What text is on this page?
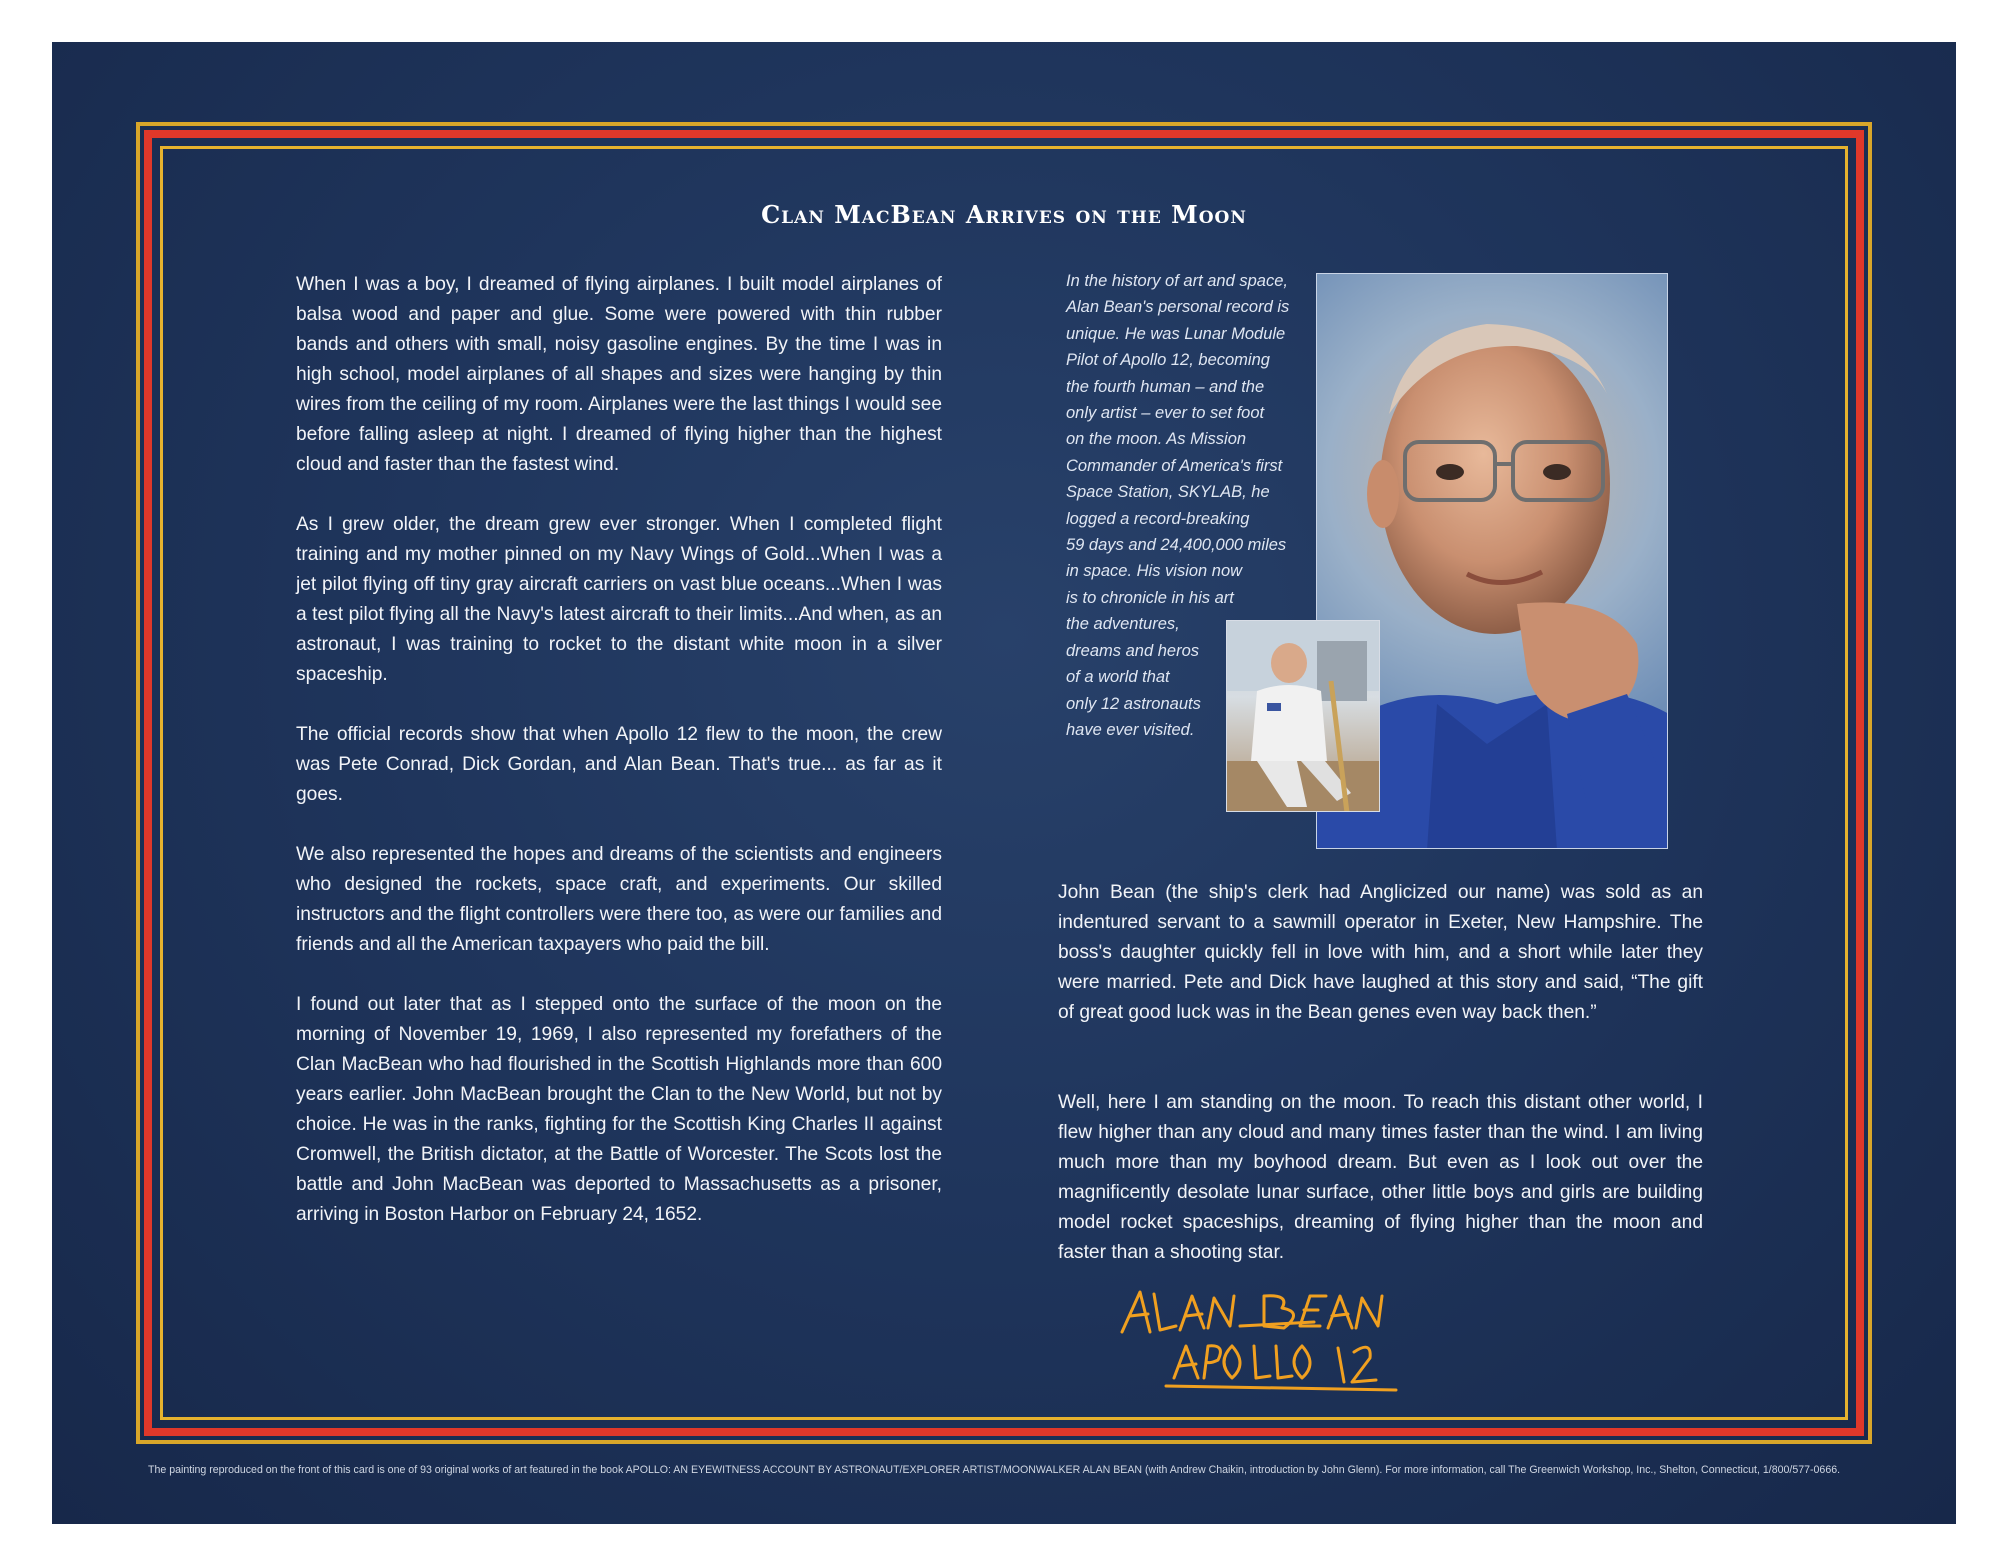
Clan MacBean Arrives on the Moon

When I was a boy, I dreamed of flying airplanes. I built model airplanes of balsa wood and paper and glue. Some were powered with thin rubber bands and others with small, noisy gasoline engines. By the time I was in high school, model airplanes of all shapes and sizes were hanging by thin wires from the ceiling of my room. Airplanes were the last things I would see before falling asleep at night. I dreamed of flying higher than the highest cloud and faster than the fastest wind.

As I grew older, the dream grew ever stronger. When I completed flight training and my mother pinned on my Navy Wings of Gold...When I was a jet pilot flying off tiny gray aircraft carriers on vast blue oceans...When I was a test pilot flying all the Navy's latest aircraft to their limits...And when, as an astronaut, I was training to rocket to the distant white moon in a silver spaceship.

The official records show that when Apollo 12 flew to the moon, the crew was Pete Conrad, Dick Gordan, and Alan Bean. That's true... as far as it goes.

We also represented the hopes and dreams of the scientists and engineers who designed the rockets, space craft, and experiments. Our skilled instructors and the flight controllers were there too, as were our families and friends and all the American taxpayers who paid the bill.

I found out later that as I stepped onto the surface of the moon on the morning of November 19, 1969, I also represented my forefathers of the Clan MacBean who had flourished in the Scottish Highlands more than 600 years earlier. John MacBean brought the Clan to the New World, but not by choice. He was in the ranks, fighting for the Scottish King Charles II against Cromwell, the British dictator, at the Battle of Worcester. The Scots lost the battle and John MacBean was deported to Massachusetts as a prisoner, arriving in Boston Harbor on February 24, 1652.

In the history of art and space,
Alan Bean's personal record is
unique. He was Lunar Module
Pilot of Apollo 12, becoming
the fourth human – and the
only artist – ever to set foot
on the moon. As Mission
Commander of America's first
Space Station, SKYLAB, he
logged a record-breaking
59 days and 24,400,000 miles
in space. His vision now
is to chronicle in his art
the adventures,
dreams and heros
of a world that
only 12 astronauts
have ever visited.

John Bean (the ship's clerk had Anglicized our name) was sold as an indentured servant to a sawmill operator in Exeter, New Hampshire. The boss's daughter quickly fell in love with him, and a short while later they were married. Pete and Dick have laughed at this story and said, “The gift of great good luck was in the Bean genes even way back then.”

Well, here I am standing on the moon. To reach this distant other world, I flew higher than any cloud and many times faster than the wind. I am living much more than my boyhood dream. But even as I look out over the magnificently desolate lunar surface, other little boys and girls are building model rocket spaceships, dreaming of flying higher than the moon and faster than a shooting star.

The painting reproduced on the front of this card is one of 93 original works of art featured in the book APOLLO: AN EYEWITNESS ACCOUNT BY ASTRONAUT/EXPLORER ARTIST/MOONWALKER ALAN BEAN (with Andrew Chaikin, introduction by John Glenn). For more information, call The Greenwich Workshop, Inc., Shelton, Connecticut, 1/800/577-0666.
